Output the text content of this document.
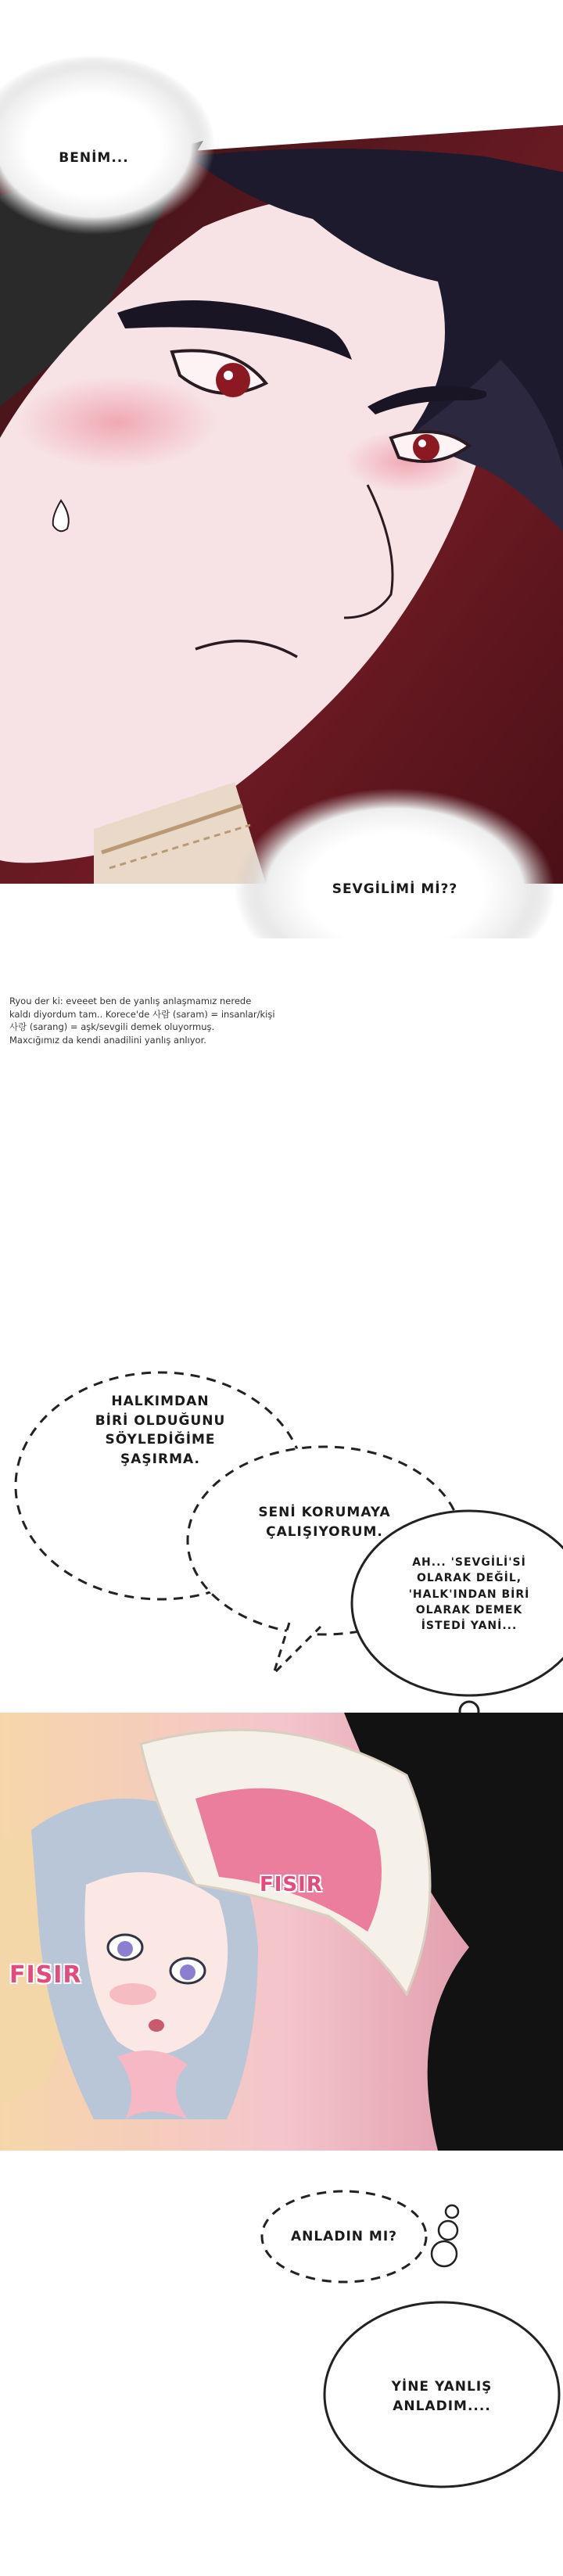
BENİM...
SEVGİLİMİ Mİ??
Ryou der ki: eveeet ben de yanlış anlaşmamız nerede
kaldı diyordum tam.. Korece'de 사람 (saram) = insanlar/kişi
사랑 (sarang) = aşk/sevgili demek oluyormuş.
Maxcığımız da kendi anadilini yanlış anlıyor.
HALKIMDAN
BİRİ OLDUĞUNU
SÖYLEDİĞİME
ŞAŞIRMA.
SENİ KORUMAYA
ÇALIŞIYORUM.
AH... 'SEVGİLİ'Sİ
OLARAK DEĞİL,
'HALK'INDAN BİRİ
OLARAK DEMEK
İSTEDİ YANİ...
FISIR
FISIR
ANLADIN MI?
YİNE YANLIŞ
ANLADIM....
